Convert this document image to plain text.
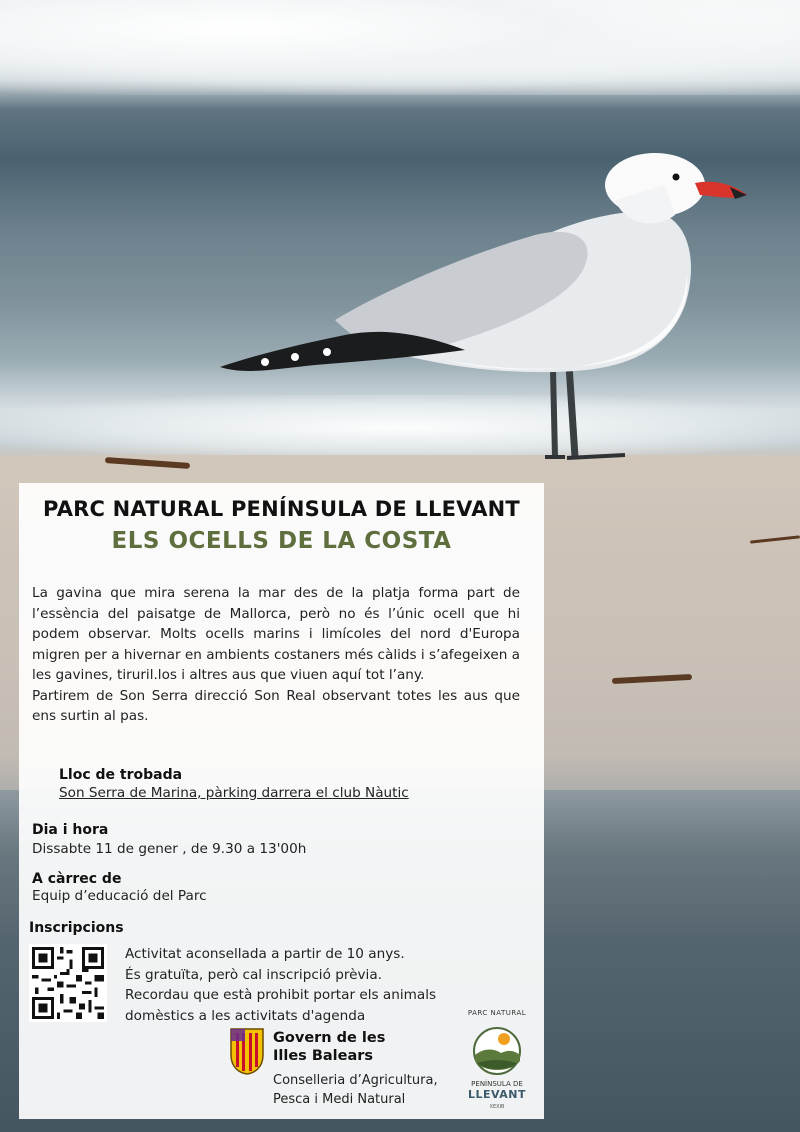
PARC NATURAL PENÍNSULA DE LLEVANT
ELS OCELLS DE LA COSTA

La gavina que mira serena la mar des de la platja forma part de l’essència del paisatge de Mallorca, però no és l’únic ocell que hi podem observar. Molts ocells marins i limícoles del nord d'Europa migren per a hivernar en ambients costaners més càlids i s’afegeixen a les gavines, tiruril.los i altres aus que viuen aquí tot l’any.

Partirem de Son Serra direcció Son Real observant totes les aus que ens surtin al pas.

Lloc de trobada
Son Serra de Marina, pàrking darrera el club Nàutic
Dia i hora
Dissabte 11 de gener , de 9.30 a 13'00h
A càrrec de
Equip d’educació del Parc
Inscripcions
Activitat aconsellada a partir de 10 anys.
És gratuïta, però cal inscripció prèvia.
Recordau que està prohibit portar els animals
domèstics a les activitats d'agenda
Govern de les
Illes Balears
Conselleria d’Agricultura,
Pesca i Medi Natural
PARC NATURAL
PENÍNSULA DE
LLEVANT
XEXIB
